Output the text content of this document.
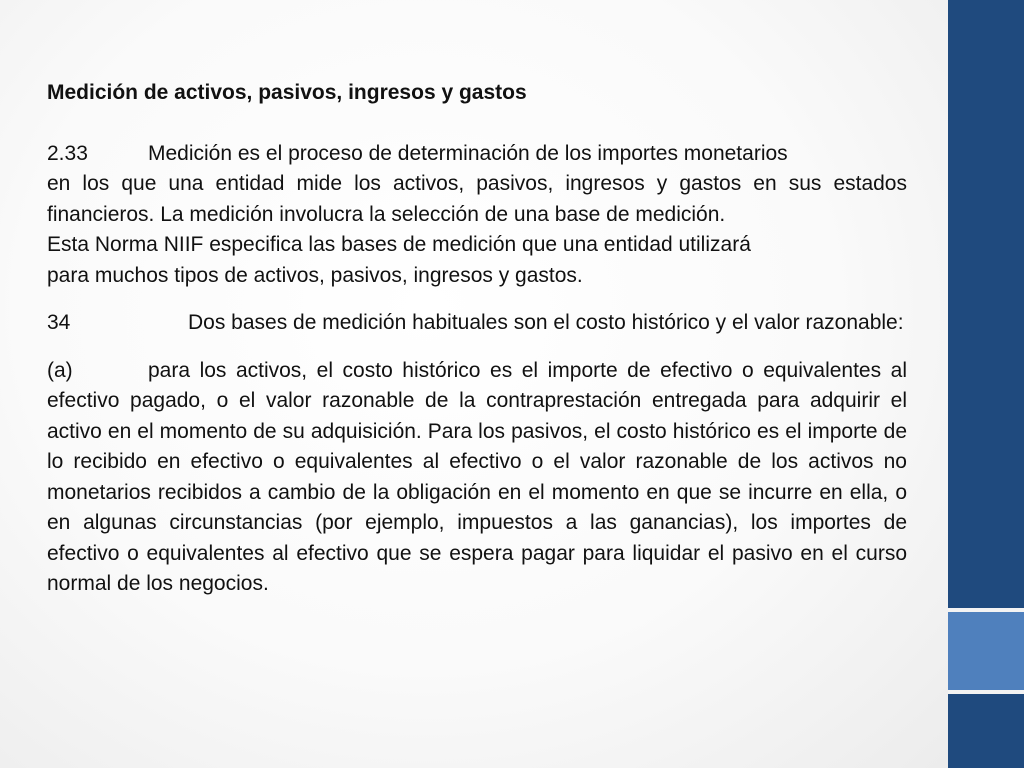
Medición de activos, pasivos, ingresos y gastos

2.33	Medición es el proceso de determinación de los importes monetarios

en los que una entidad mide los activos, pasivos, ingresos y gastos en sus estados financieros. La medición involucra la selección de una base de medición.

Esta Norma NIIF especifica las bases de medición que una entidad utilizará

para muchos tipos de activos, pasivos, ingresos y gastos.

34	Dos bases de medición habituales son el costo histórico y el valor razonable:

(a)	para los activos, el costo histórico es el importe de efectivo o equivalentes al efectivo pagado, o el valor razonable de la contraprestación entregada para adquirir el activo en el momento de su adquisición. Para los pasivos, el costo histórico es el importe de lo recibido en efectivo o equivalentes al efectivo o el valor razonable de los activos no monetarios recibidos a cambio de la obligación en el momento en que se incurre en ella, o en algunas circunstancias (por ejemplo, impuestos a las ganancias), los importes de efectivo o equivalentes al efectivo que se espera pagar para liquidar el pasivo en el curso normal de los negocios.
